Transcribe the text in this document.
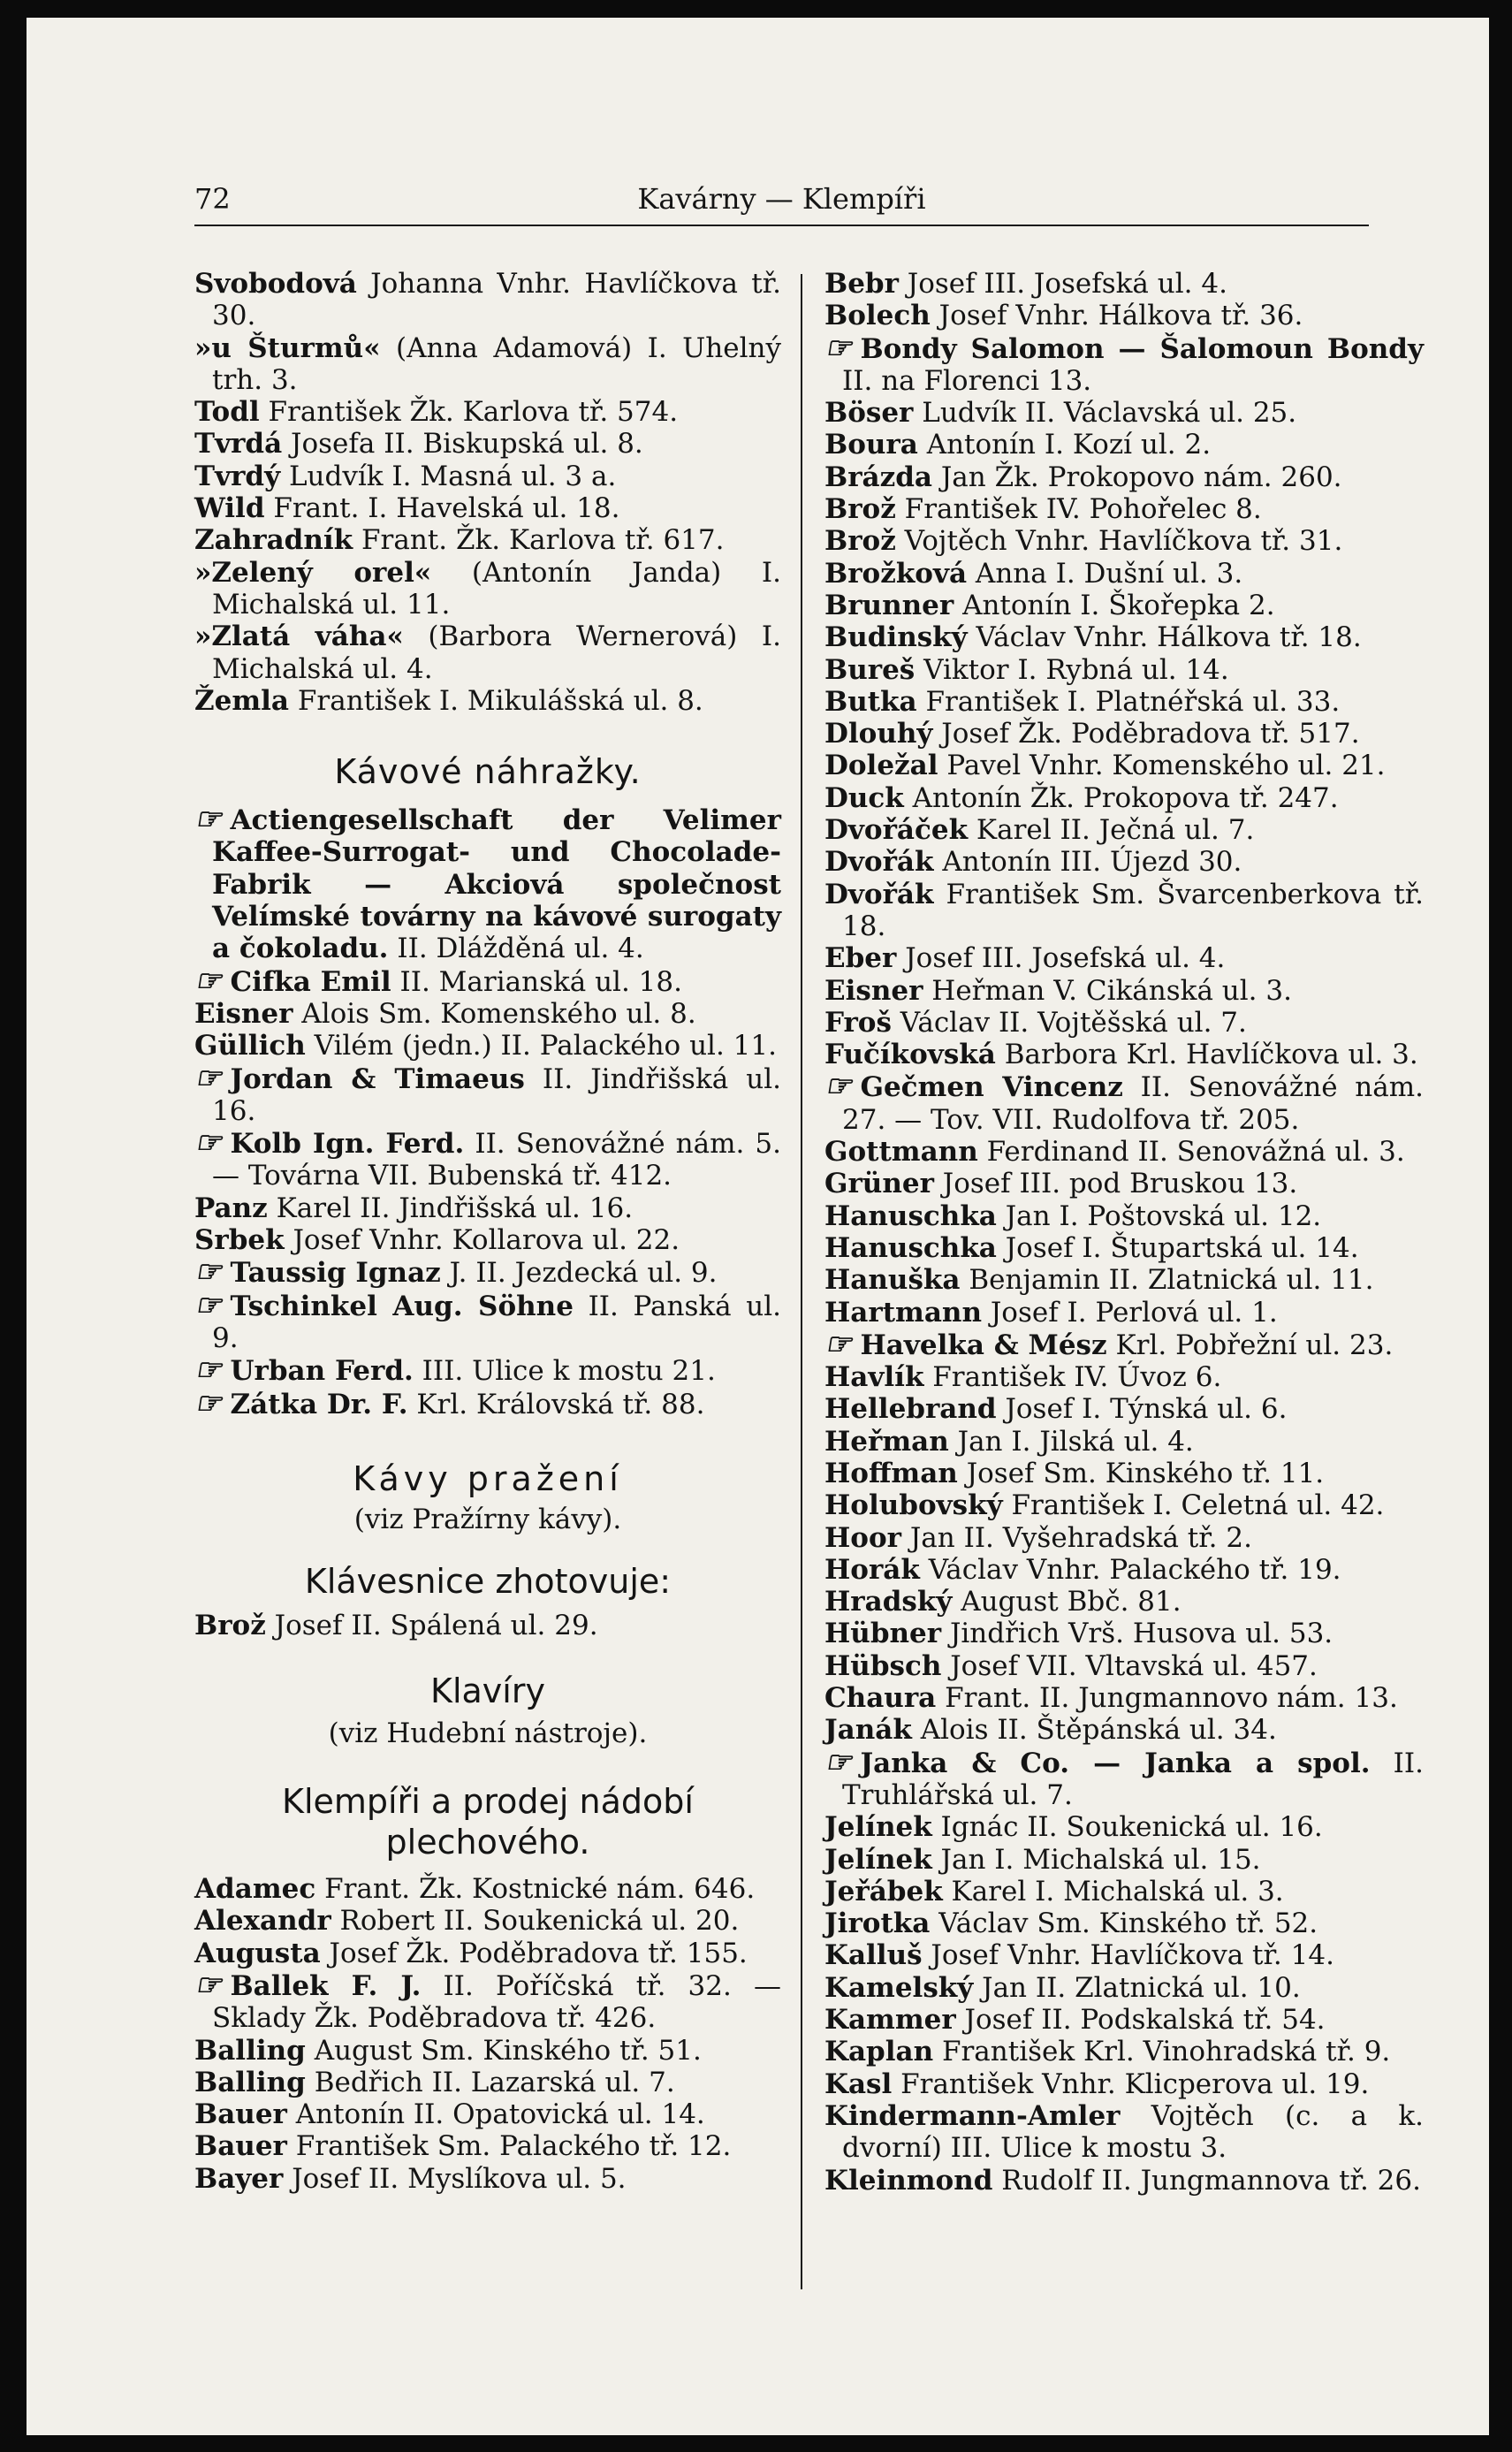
72	Kavárny — Klempíři
Svobodová Johanna Vnhr. Havlíčkova tř. 30.
»u Šturmů« (Anna Adamová) I. Uhelný trh. 3.
Todl František Žk. Karlova tř. 574.
Tvrdá Josefa II. Biskupská ul. 8.
Tvrdý Ludvík I. Masná ul. 3 a.
Wild Frant. I. Havelská ul. 18.
Zahradník Frant. Žk. Karlova tř. 617.
»Zelený orel« (Antonín Janda) I. Michalská ul. 11.
»Zlatá váha« (Barbora Wernerová) I. Michalská ul. 4.
Žemla František I. Mikulášská ul. 8.
Kávové náhražky.
☞ Actiengesellschaft der Velimer Kaffee-Surrogat- und Chocolade-Fabrik — Akciová společnost Velímské továrny na kávové surogaty a čokoladu. II. Dlážděná ul. 4.
☞ Cifka Emil II. Marianská ul. 18.
Eisner Alois Sm. Komenského ul. 8.
Güllich Vilém (jedn.) II. Palackého ul. 11.
☞ Jordan & Timaeus II. Jindřišská ul. 16.
☞ Kolb Ign. Ferd. II. Senovážné nám. 5. — Továrna VII. Bubenská tř. 412.
Panz Karel II. Jindřišská ul. 16.
Srbek Josef Vnhr. Kollarova ul. 22.
☞ Taussig Ignaz J. II. Jezdecká ul. 9.
☞ Tschinkel Aug. Söhne II. Panská ul. 9.
☞ Urban Ferd. III. Ulice k mostu 21.
☞ Zátka Dr. F. Krl. Královská tř. 88.
Kávy pražení
(viz Pražírny kávy).
Klávesnice zhotovuje:
Brož Josef II. Spálená ul. 29.
Klavíry
(viz Hudební nástroje).
Klempíři a prodej nádobí plechového.
Adamec Frant. Žk. Kostnické nám. 646.
Alexandr Robert II. Soukenická ul. 20.
Augusta Josef Žk. Poděbradova tř. 155.
☞ Ballek F. J. II. Poříčská tř. 32. — Sklady Žk. Poděbradova tř. 426.
Balling August Sm. Kinského tř. 51.
Balling Bedřich II. Lazarská ul. 7.
Bauer Antonín II. Opatovická ul. 14.
Bauer František Sm. Palackého tř. 12.
Bayer Josef II. Myslíkova ul. 5.
Bebr Josef III. Josefská ul. 4.
Bolech Josef Vnhr. Hálkova tř. 36.
☞ Bondy Salomon — Šalomoun Bondy II. na Florenci 13.
Böser Ludvík II. Václavská ul. 25.
Boura Antonín I. Kozí ul. 2.
Brázda Jan Žk. Prokopovo nám. 260.
Brož František IV. Pohořelec 8.
Brož Vojtěch Vnhr. Havlíčkova tř. 31.
Brožková Anna I. Dušní ul. 3.
Brunner Antonín I. Škořepka 2.
Budinský Václav Vnhr. Hálkova tř. 18.
Bureš Viktor I. Rybná ul. 14.
Butka František I. Platnéřská ul. 33.
Dlouhý Josef Žk. Poděbradova tř. 517.
Doležal Pavel Vnhr. Komenského ul. 21.
Duck Antonín Žk. Prokopova tř. 247.
Dvořáček Karel II. Ječná ul. 7.
Dvořák Antonín III. Újezd 30.
Dvořák František Sm. Švarcenberkova tř. 18.
Eber Josef III. Josefská ul. 4.
Eisner Heřman V. Cikánská ul. 3.
Froš Václav II. Vojtěšská ul. 7.
Fučíkovská Barbora Krl. Havlíčkova ul. 3.
☞ Gečmen Vincenz II. Senovážné nám. 27. — Tov. VII. Rudolfova tř. 205.
Gottmann Ferdinand II. Senovážná ul. 3.
Grüner Josef III. pod Bruskou 13.
Hanuschka Jan I. Poštovská ul. 12.
Hanuschka Josef I. Štupartská ul. 14.
Hanuška Benjamin II. Zlatnická ul. 11.
Hartmann Josef I. Perlová ul. 1.
☞ Havelka & Mész Krl. Pobřežní ul. 23.
Havlík František IV. Úvoz 6.
Hellebrand Josef I. Týnská ul. 6.
Heřman Jan I. Jilská ul. 4.
Hoffman Josef Sm. Kinského tř. 11.
Holubovský František I. Celetná ul. 42.
Hoor Jan II. Vyšehradská tř. 2.
Horák Václav Vnhr. Palackého tř. 19.
Hradský August Bbč. 81.
Hübner Jindřich Vrš. Husova ul. 53.
Hübsch Josef VII. Vltavská ul. 457.
Chaura Frant. II. Jungmannovo nám. 13.
Janák Alois II. Štěpánská ul. 34.
☞ Janka & Co. — Janka a spol. II. Truhlářská ul. 7.
Jelínek Ignác II. Soukenická ul. 16.
Jelínek Jan I. Michalská ul. 15.
Jeřábek Karel I. Michalská ul. 3.
Jirotka Václav Sm. Kinského tř. 52.
Kalluš Josef Vnhr. Havlíčkova tř. 14.
Kamelský Jan II. Zlatnická ul. 10.
Kammer Josef II. Podskalská tř. 54.
Kaplan František Krl. Vinohradská tř. 9.
Kasl František Vnhr. Klicperova ul. 19.
Kindermann-Amler Vojtěch (c. a k. dvorní) III. Ulice k mostu 3.
Kleinmond Rudolf II. Jungmannova tř. 26.
